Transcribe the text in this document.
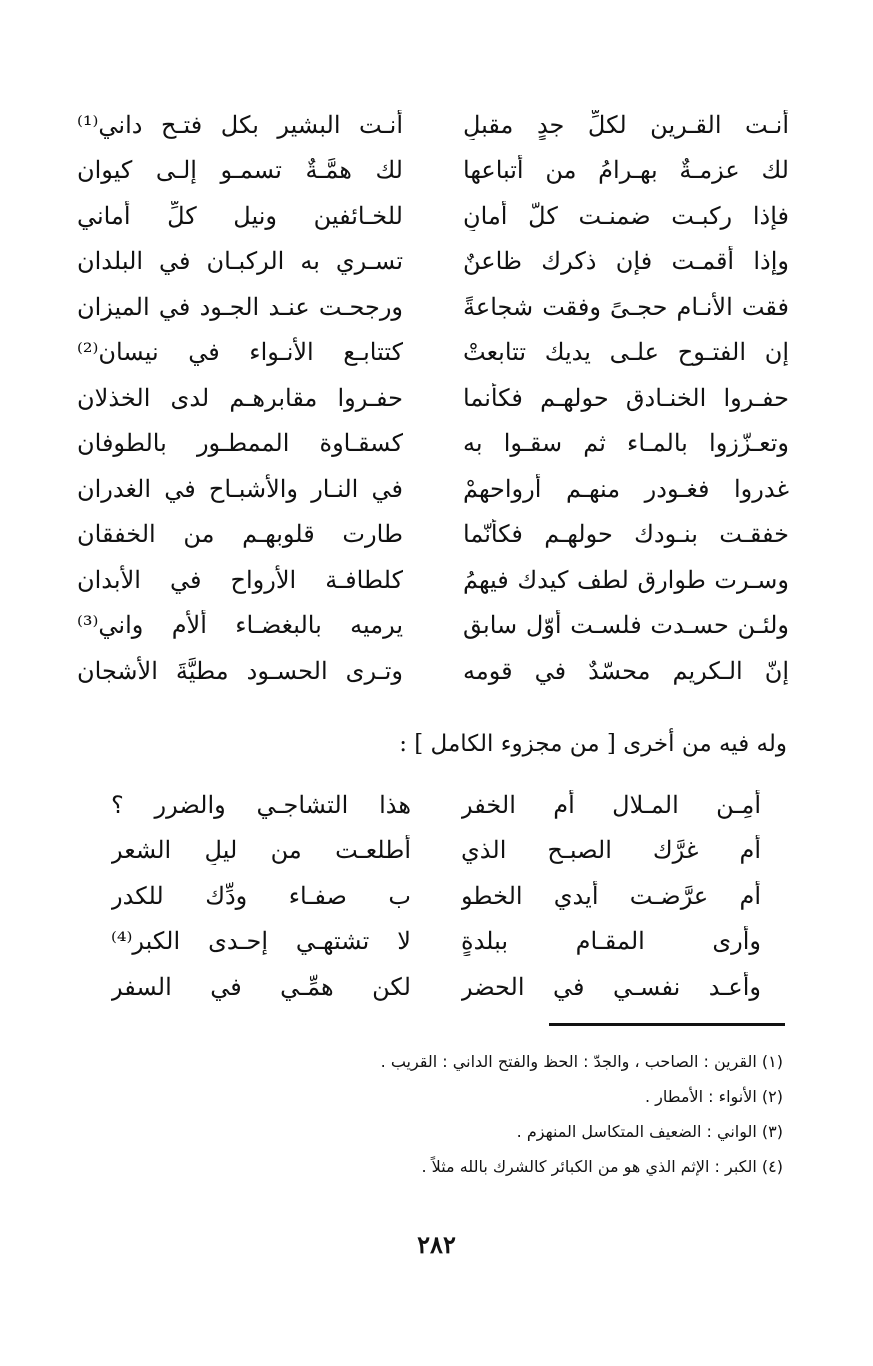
أنـت القـرين لكلِّ جدٍ مقبلٍ
أنـت البشير بكل فتـحٍ داني⁽¹⁾
لك عزمـةٌ بهـرامُ من أتباعها
لك همَّـةٌ تسمـو إلـى كيوان
فإذا ركبـت ضمنـت كلّ أمانٍ
للخـائفين ونيل كلِّ أماني
وإذا أقمـت فإن ذكرك ظاعنٌ
تسـري به الركبـان في البلدان
فقت الأنـام حجـىً وفقت شجاعةً
ورجحـت عنـد الجـود في الميزان
إن الفتـوح علـى يديك تتابعتْ
كتتابـع الأنـواء في نيسان⁽²⁾
حفـروا الخنـادق حولهـم فكأنما
حفـروا مقابرهـم لدى الخذلان
وتعـزّزوا بالمـاء ثم سقـوا به
كسقـاوة الممطـور بالطوفان
غدروا فغـودر منهـم أرواحهمْ
في النـار والأشبـاح في الغدران
خفقـت بنـودك حولهـم فكأنّما
طارت قلوبهـم من الخفقان
وسـرت طوارق لطف كيدك فيهمُ
كلطافـة الأرواح في الأبدان
ولئـن حسـدت فلسـت أوّل سابقٍ
يرميه بالبغضـاء ألأم واني⁽³⁾
إنّ الـكريم محسّدٌ في قومه
وتـرى الحسـود مطيَّةَ الأشجان
وله فيه من أخرى [ من مجزوء الكامل ] :
أمِـن المـلال أم الخفر
هذا التشاجـي والضرر ؟
أم غرَّك الصبـح الذي
أطلعـت من ليلٍ الشعر
أم عرَّضـت أيدي الخطو
ب صفـاء ودِّك للكدر
وأرى المقـام ببلدةٍ
لا تشتهـي إحـدى الكبر⁽⁴⁾
وأعـد نفسـي في الحضر
لكن همِّـي في السفر
(١) القرين : الصاحب ، والجدّ : الحظ والفتح الداني : القريب .
(٢) الأنواء : الأمطار .
(٣) الواني : الضعيف المتكاسل المنهزم .
(٤) الكبر : الإثم الذي هو من الكبائر كالشرك بالله مثلاً .
٢٨٢
